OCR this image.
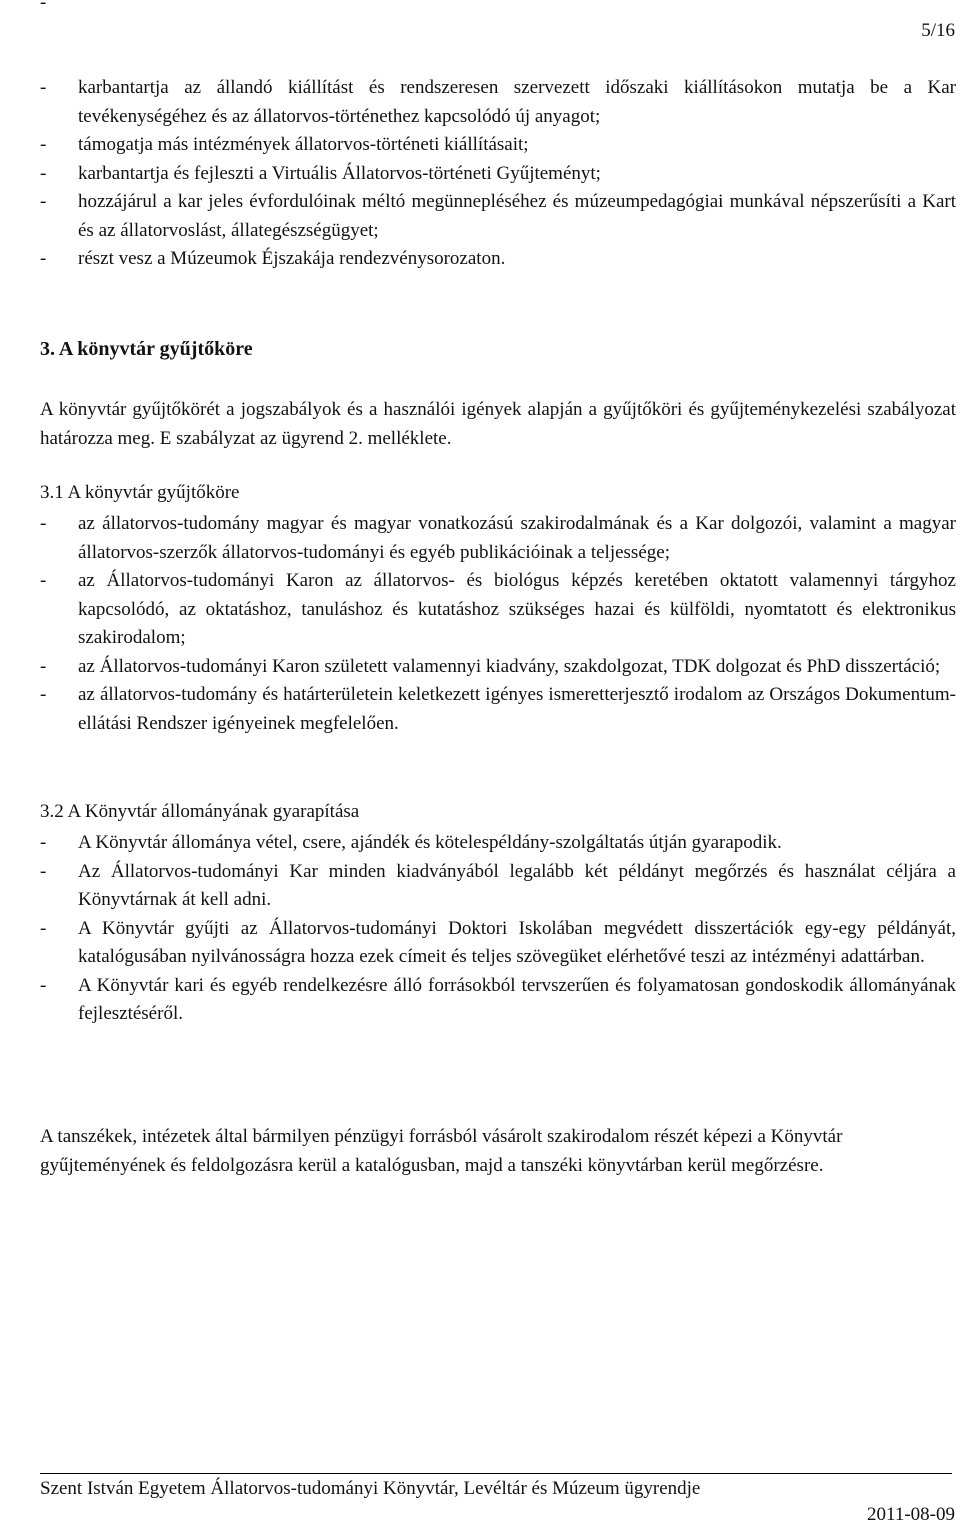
-
5/16
-	karbantartja az állandó kiállítást és rendszeresen szervezett időszaki kiállításokon mutatja be a Kar tevékenységéhez és az állatorvos-történethez kapcsolódó új anyagot;
-	támogatja más intézmények állatorvos-történeti kiállításait;
-	karbantartja és fejleszti a Virtuális Állatorvos-történeti Gyűjteményt;
-	hozzájárul a kar jeles évfordulóinak méltó megünnepléséhez és múzeumpedagógiai munkával népszerűsíti a Kart és az állatorvoslást, állategészségügyet;
-	részt vesz a Múzeumok Éjszakája rendezvénysorozaton.
3. A könyvtár gyűjtőköre
A könyvtár gyűjtőkörét a jogszabályok és a használói igények alapján a gyűjtőköri és gyűjteménykezelési szabályozat határozza meg. E szabályzat az ügyrend 2. melléklete.
3.1 A könyvtár gyűjtőköre
-	az állatorvos-tudomány magyar és magyar vonatkozású szakirodalmának és a Kar dolgozói, valamint a magyar állatorvos-szerzők állatorvos-tudományi és egyéb publikációinak a teljessége;
-	az Állatorvos-tudományi Karon az állatorvos- és biológus képzés keretében oktatott valamennyi tárgyhoz kapcsolódó, az oktatáshoz, tanuláshoz és kutatáshoz szükséges hazai és külföldi, nyomtatott és elektronikus szakirodalom;
-	az Állatorvos-tudományi Karon született valamennyi kiadvány, szakdolgozat, TDK dolgozat és PhD disszertáció;
-	az állatorvos-tudomány és határterületein keletkezett igényes ismeretterjesztő irodalom az Országos Dokumentum-ellátási Rendszer igényeinek megfelelően.
3.2 A Könyvtár állományának gyarapítása
-	A Könyvtár állománya vétel, csere, ajándék és kötelespéldány-szolgáltatás útján gyarapodik.
-	Az Állatorvos-tudományi Kar minden kiadványából legalább két példányt megőrzés és használat céljára a Könyvtárnak át kell adni.
-	A Könyvtár gyűjti az Állatorvos-tudományi Doktori Iskolában megvédett disszertációk egy-egy példányát, katalógusában nyilvánosságra hozza ezek címeit és teljes szövegüket elérhetővé teszi az intézményi adattárban.
-	A Könyvtár kari és egyéb rendelkezésre álló forrásokból tervszerűen és folyamatosan gondoskodik állományának fejlesztéséről.
A tanszékek, intézetek által bármilyen pénzügyi forrásból vásárolt szakirodalom részét képezi a Könyvtár gyűjteményének és feldolgozásra kerül a katalógusban, majd a tanszéki könyvtárban kerül megőrzésre.
Szent István Egyetem Állatorvos-tudományi Könyvtár, Levéltár és Múzeum ügyrendje
2011-08-09
